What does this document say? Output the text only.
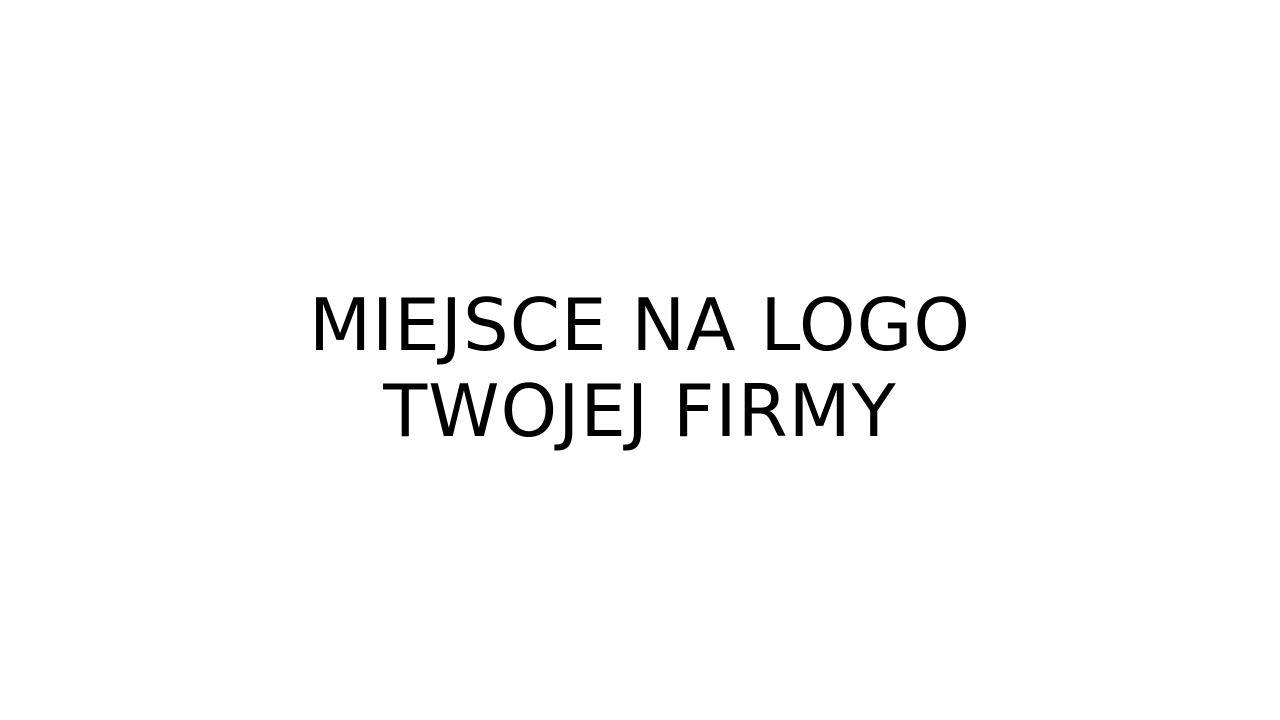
MIEJSCE NA LOGO
TWOJEJ FIRMY
